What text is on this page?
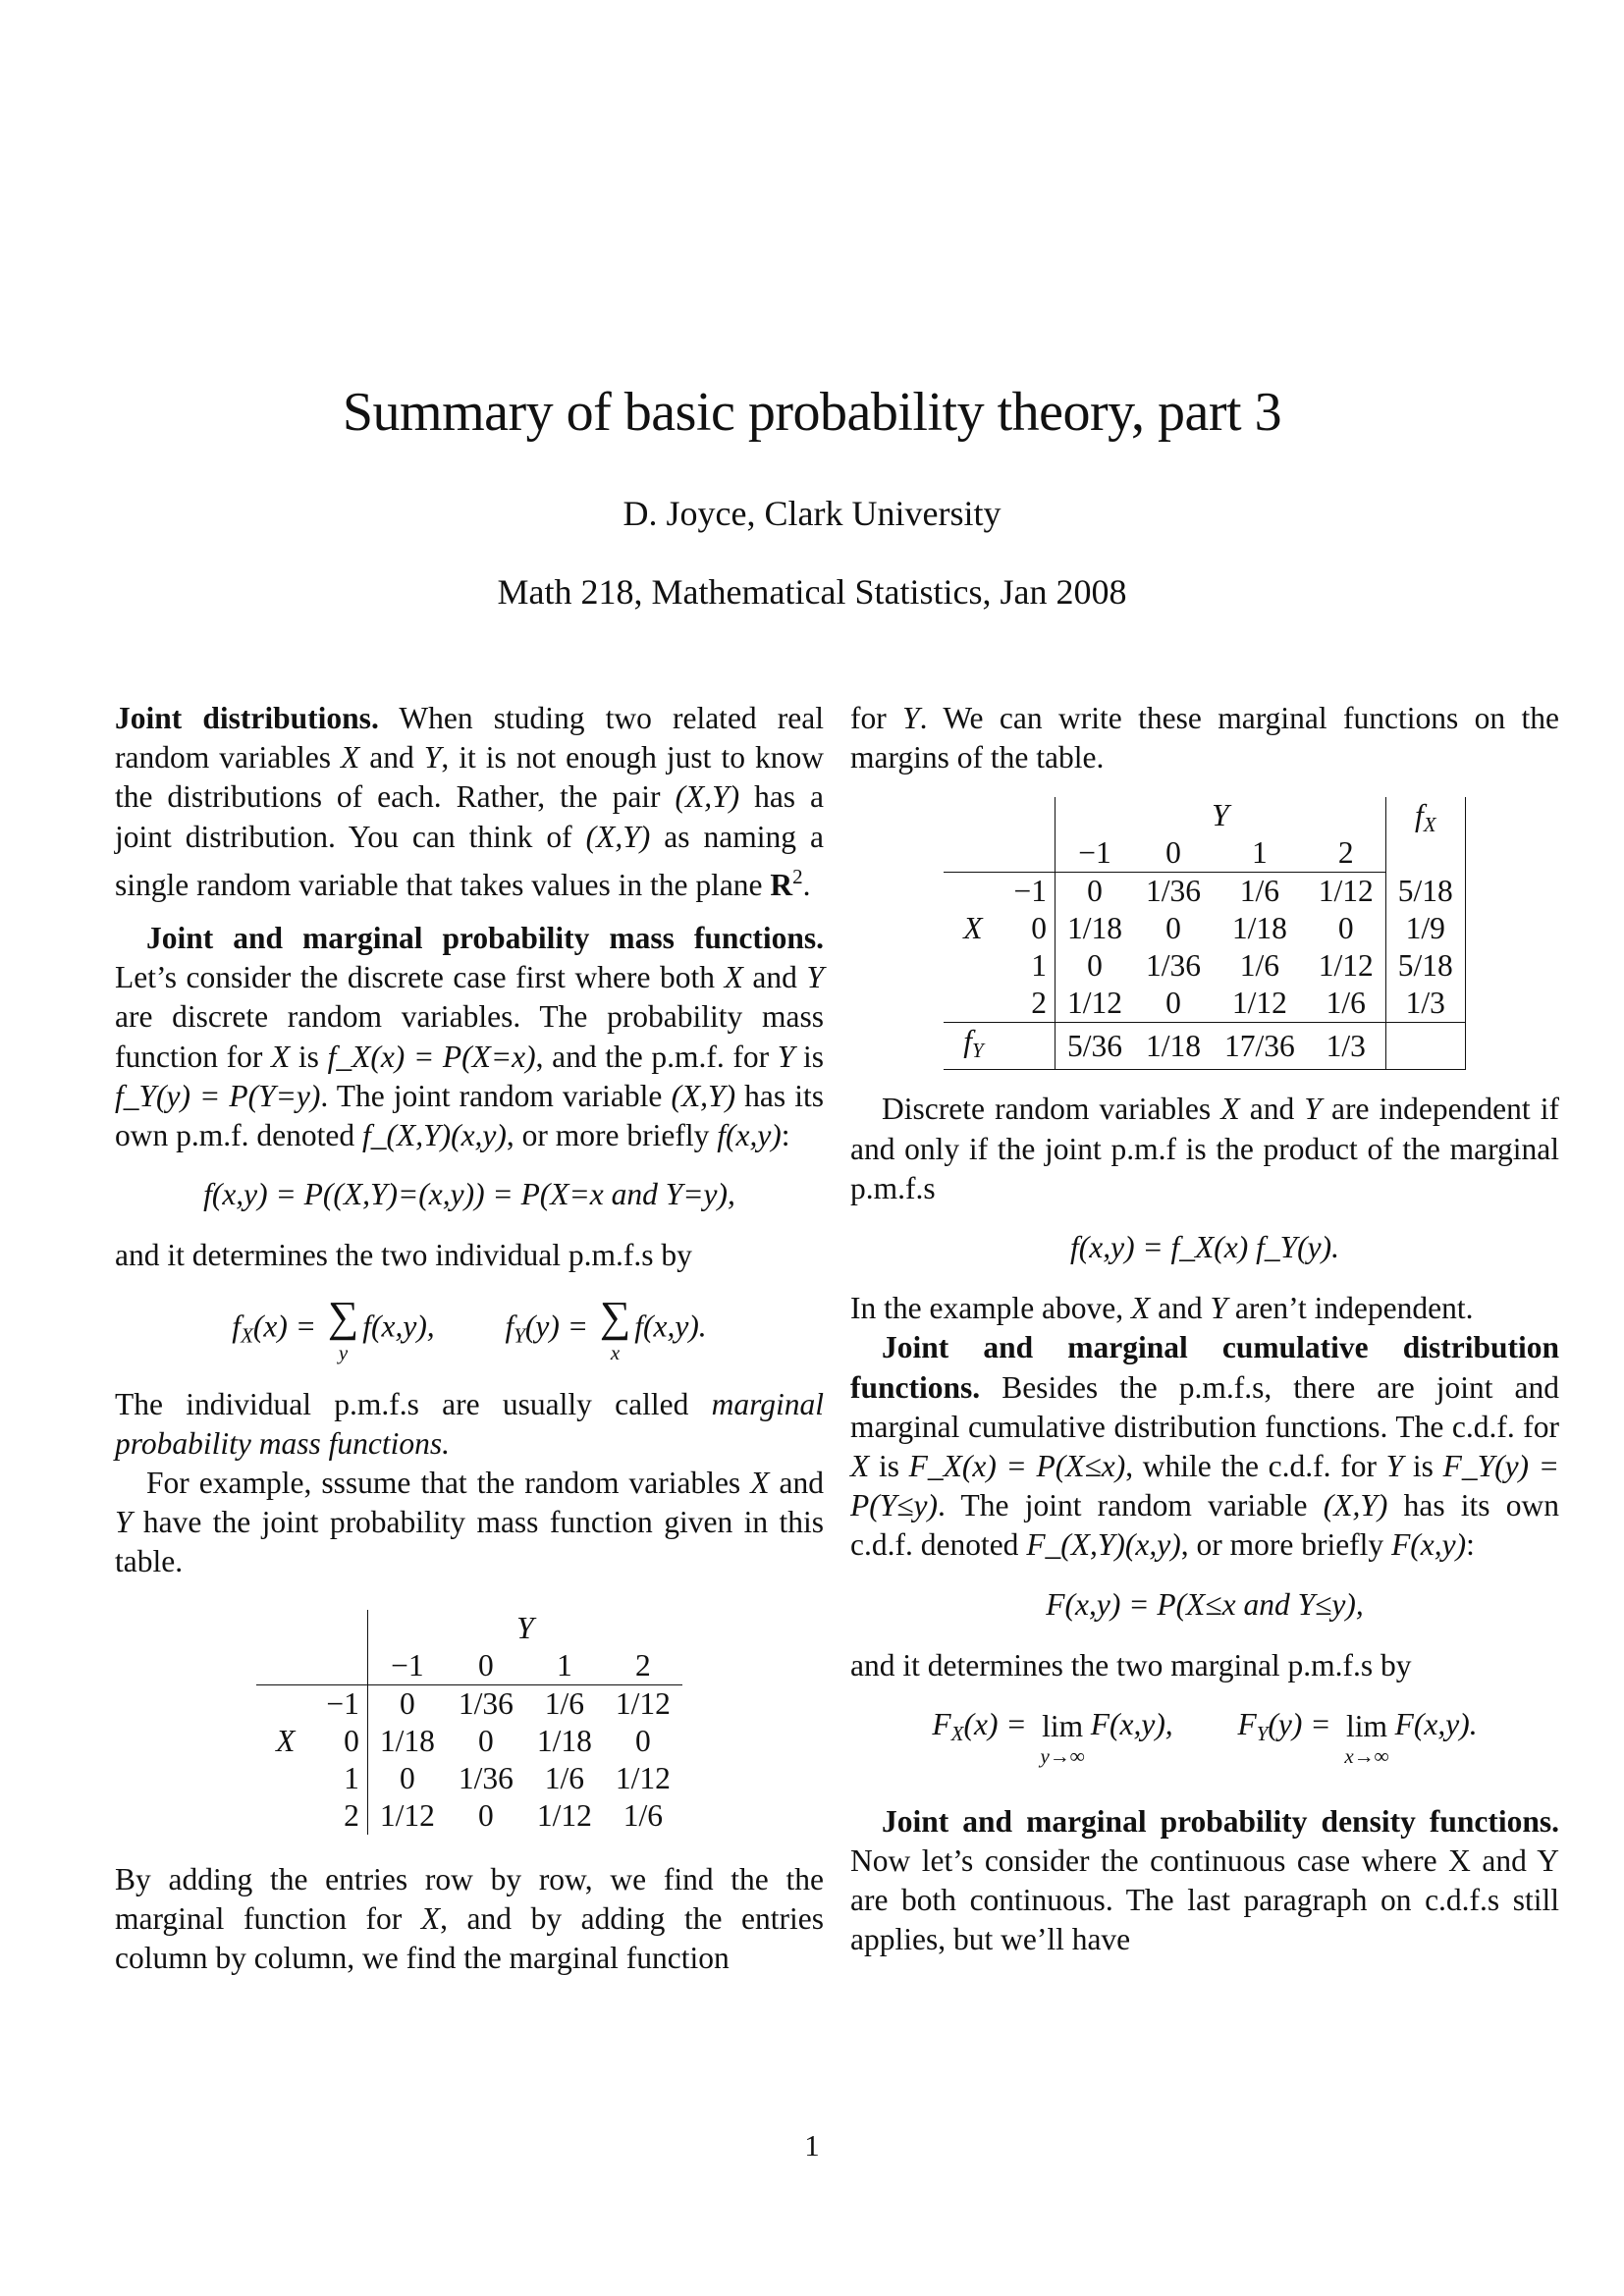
Summary of basic probability theory, part 3
D. Joyce, Clark University
Math 218, Mathematical Statistics, Jan 2008

Joint distributions. When studing two related real random variables X and Y, it is not enough just to know the distributions of each. Rather, the pair (X,Y) has a joint distribution. You can think of (X,Y) as naming a single random variable that takes values in the plane $R^2$.

Joint and marginal probability mass functions. Let’s consider the discrete case first where both X and Y are discrete random variables. The probability mass function for X is f_X(x) = P(X=x), and the p.m.f. for Y is f_Y(y) = P(Y=y). The joint random variable (X,Y) has its own p.m.f. denoted f_(X,Y)(x,y), or more briefly f(x,y):

f(x,y) = P((X,Y)=(x,y)) = P(X=x and Y=y),

and it determines the two individual p.m.f.s by

$f_X(x)$ = ∑
y
f(x,y), $f_Y(y)$ = ∑
x
f(x,y).

The individual p.m.f.s are usually called marginal probability mass functions.

For example, sssume that the random variables X and Y have the joint probability mass function given in this table.

		Y			
		−1	0	1	2
	−1	0	1/36	1/6	1/12
X	0	1/18	0	1/18	0
	1	0	1/36	1/6	1/12
	2	1/12	0	1/12	1/6

By adding the entries row by row, we find the the marginal function for X, and by adding the entries column by column, we find the marginal function

for Y. We can write these marginal functions on the margins of the table.

		Y				fX
		−1	0	1	2	
	−1	0	1/36	1/6	1/12	5/18
X	0	1/18	0	1/18	0	1/9
	1	0	1/36	1/6	1/12	5/18
	2	1/12	0	1/12	1/6	1/3
fY		5/36	1/18	17/36	1/3	

Discrete random variables X and Y are independent if and only if the joint p.m.f is the product of the marginal p.m.f.s

f(x,y) = f_X(x) f_Y(y).

In the example above, X and Y aren’t independent.

Joint and marginal cumulative distribution functions. Besides the p.m.f.s, there are joint and marginal cumulative distribution functions. The c.d.f. for X is F_X(x) = P(X≤x), while the c.d.f. for Y is F_Y(y) = P(Y≤y). The joint random variable (X,Y) has its own c.d.f. denoted F_(X,Y)(x,y), or more briefly F(x,y):

F(x,y) = P(X≤x and Y≤y),

and it determines the two marginal p.m.f.s by

$F_X(x) = \lim$
y→∞
F(x,y), $F_Y(y) = \lim$
x→∞
F(x,y).

Joint and marginal probability density functions. Now let’s consider the continuous case where X and Y are both continuous. The last paragraph on c.d.f.s still applies, but we’ll have

1
